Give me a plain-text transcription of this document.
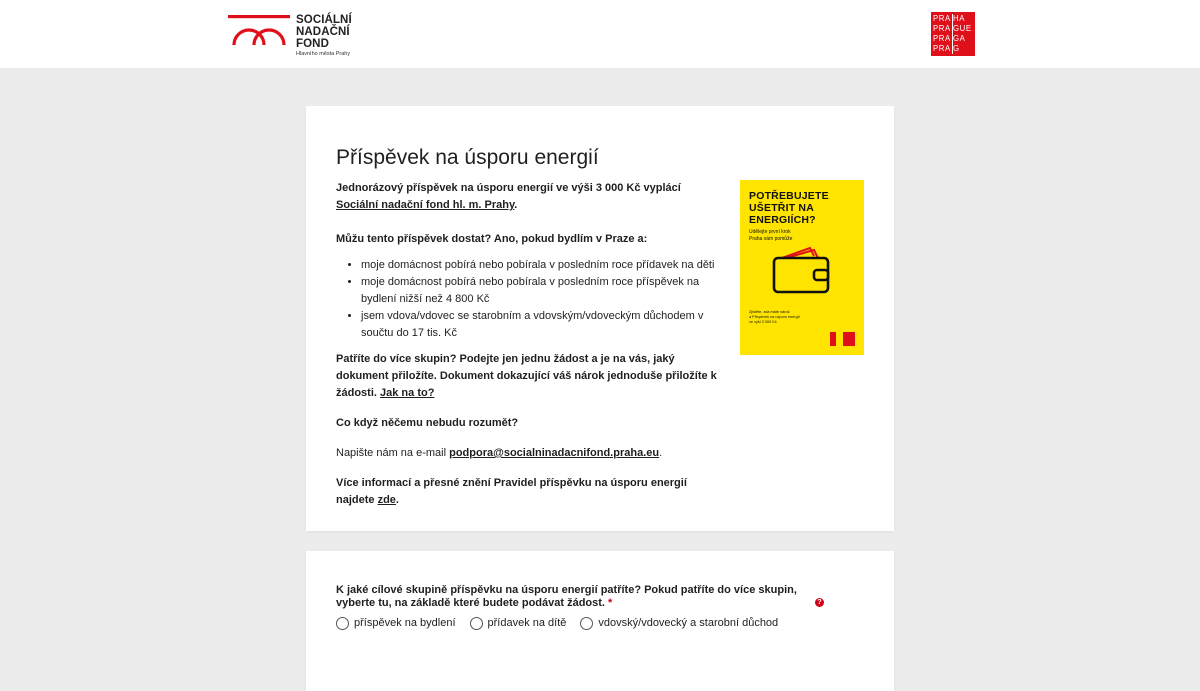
SOCIÁLNÍ
NADAČNÍ
FOND
Hlavního města Prahy
PRA HA
PRA GUE
PRA GA
PRA G
Příspěvek na úsporu energií

Jednorázový příspěvek na úsporu energií ve výši 3 000 Kč vyplácí Sociální nadační fond hl. m. Prahy.

Můžu tento příspěvek dostat? Ano, pokud bydlím v Praze a:

• moje domácnost pobírá nebo pobírala v posledním roce přídavek na děti
• moje domácnost pobírá nebo pobírala v posledním roce příspěvek na bydlení nižší než 4 800 Kč
• jsem vdova/vdovec se starobním a vdovským/vdoveckým důchodem v součtu do 17 tis. Kč

Patříte do více skupin? Podejte jen jednu žádost a je na vás, jaký dokument přiložíte. Dokument dokazující váš nárok jednoduše přiložíte k žádosti. Jak na to?

Co když něčemu nebudu rozumět?

Napište nám na e-mail podpora@socialninadacnifond.praha.eu.

Více informací a přesné znění Pravidel příspěvku na úsporu energií najdete zde.

POTŘEBUJETE
UŠETŘIT NA
ENERGIÍCH?
Udělejte první krok
Praha vám pomůže
Zjistěte, zda máte nárok
a Příspěvek na úsporu energií
ve výši 3 000 Kč
K jaké cílové skupině příspěvku na úsporu energií patříte? Pokud patříte do více skupin, vyberte tu, na základě které budete podávat žádost. *	?
příspěvek na bydlení	přídavek na dítě	vdovský/vdovecký a starobní důchod
